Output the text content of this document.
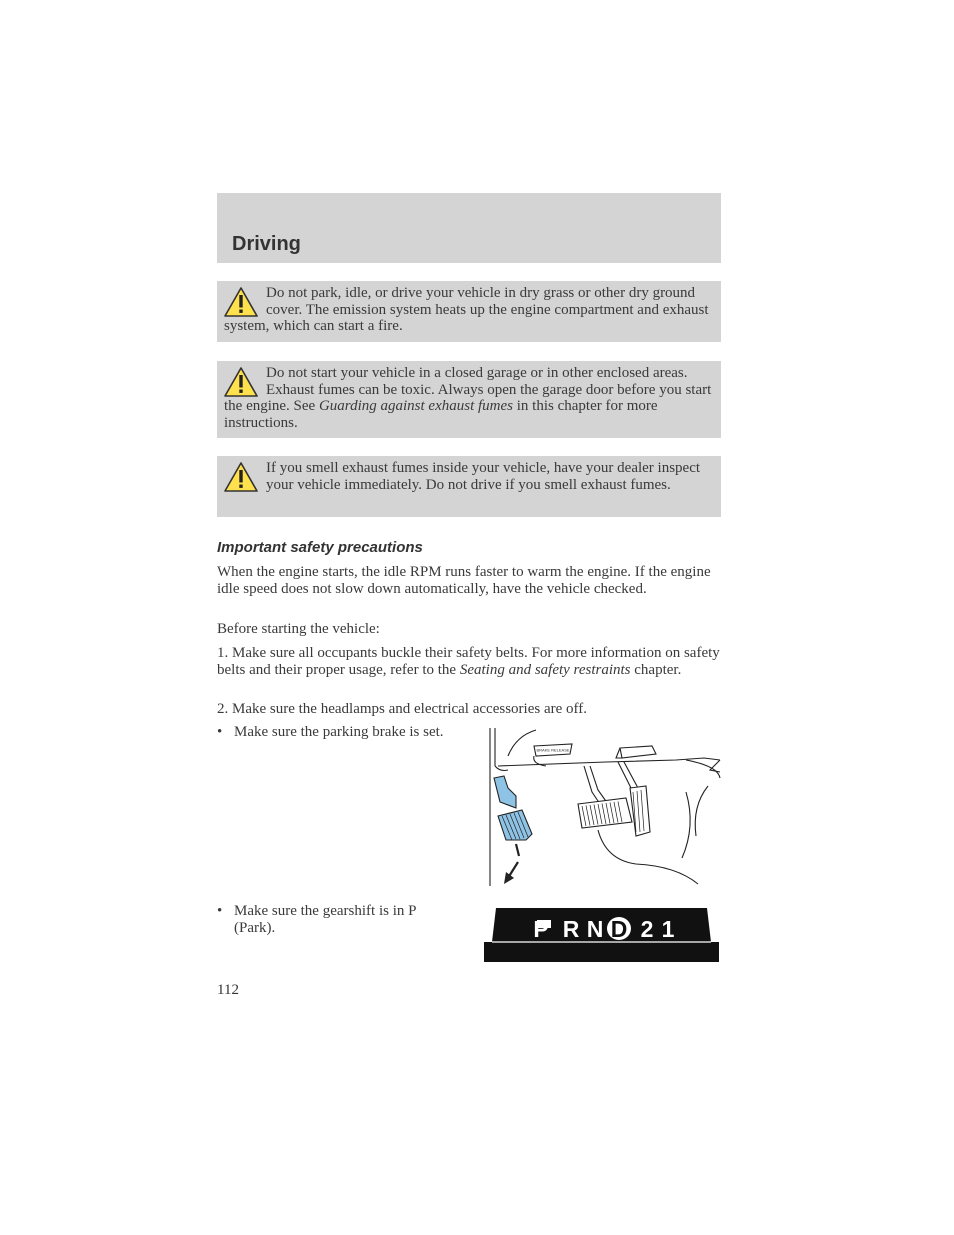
Driving
Do not park, idle, or drive your vehicle in dry grass or other dry ground cover. The emission system heats up the engine compartment and exhaust system, which can start a fire.
Do not start your vehicle in a closed garage or in other enclosed areas. Exhaust fumes can be toxic. Always open the garage door before you start the engine. See Guarding against exhaust fumes in this chapter for more instructions.
If you smell exhaust fumes inside your vehicle, have your dealer inspect your vehicle immediately. Do not drive if you smell exhaust fumes.
Important safety precautions

When the engine starts, the idle RPM runs faster to warm the engine. If the engine idle speed does not slow down automatically, have the vehicle checked.

Before starting the vehicle:

1. Make sure all occupants buckle their safety belts. For more information on safety belts and their proper usage, refer to the Seating and safety restraints chapter.

2. Make sure the headlamps and electrical accessories are off.

• Make sure the parking brake is set.
BRAKE RELEASE
• Make sure the gearshift is in P (Park).	P R N D 2 1
112
